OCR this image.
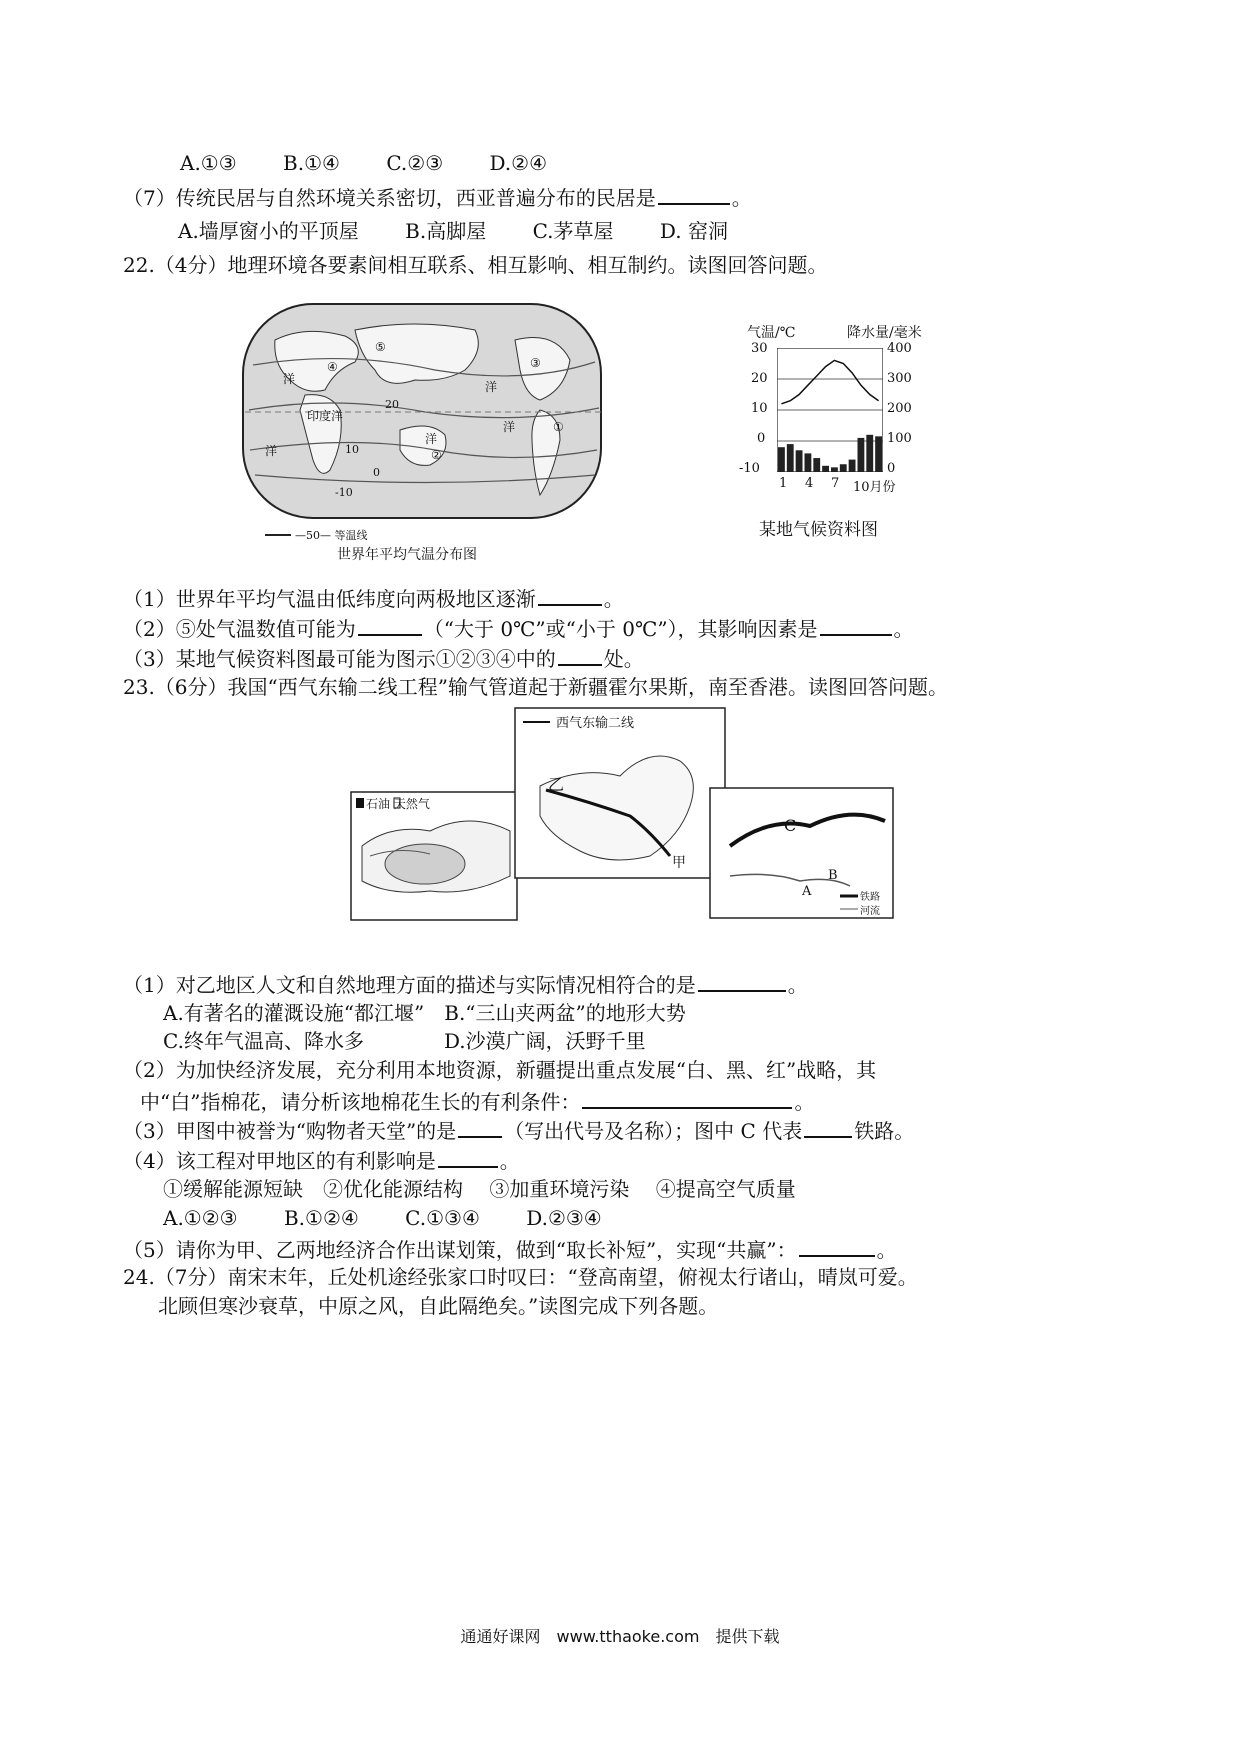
A.①③ B.①④ C.②③ D.②④
（7）传统民居与自然环境关系密切，西亚普遍分布的民居是	。
A.墙厚窗小的平顶屋 B.高脚屋 C.茅草屋 D. 窑洞
22.（4分）地理环境各要素间相互联系、相互影响、相互制约。读图回答问题。
印度洋
洋
洋
洋
洋
洋
-10
0
10
20
①
②
③
④
⑤
—50— 等温线
世界年平均气温分布图
气温/℃	降水量/毫米
30
20
10
0
-10
400
300
200
100
0
1 4 7 10月份
某地气候资料图
（1）世界年平均气温由低纬度向两极地区逐渐	。
（2）⑤处气温数值可能为	（“大于 0℃”或“小于 0℃”），其影响因素是	。
（3）某地气候资料图最可能为图示①②③④中的 处。
23.（6分）我国“西气东输二线工程”输气管道起于新疆霍尔果斯，南至香港。读图回答问题。
西气东输二线
石油 天然气
乙
甲
C
A
B
铁路
河流
（1）对乙地区人文和自然地理方面的描述与实际情况相符合的是	。
A.有著名的灌溉设施“都江堰”　 B.“三山夹两盆”的地形大势
C.终年气温高、降水多　　　　	D.沙漠广阔，沃野千里
（2）为加快经济发展，充分利用本地资源，新疆提出重点发展“白、黑、红”战略，其
中“白”指棉花，请分析该地棉花生长的有利条件：	。
（3）甲图中被誉为“购物者天堂”的是 （写出代号及名称）；图中 C 代表	铁路。
（4）该工程对甲地区的有利影响是	。
①缓解能源短缺　②优化能源结构　 ③加重环境污染　 ④提高空气质量
A.①②③ B.①②④ C.①③④ D.②③④
（5）请你为甲、乙两地经济合作出谋划策，做到“取长补短”，实现“共赢”：	。
24.（7分）南宋末年，丘处机途经张家口时叹曰：“登高南望，俯视太行诸山，晴岚可爱。
北顾但寒沙衰草，中原之风，自此隔绝矣。”读图完成下列各题。
通通好课网　www.tthaoke.com　提供下载
